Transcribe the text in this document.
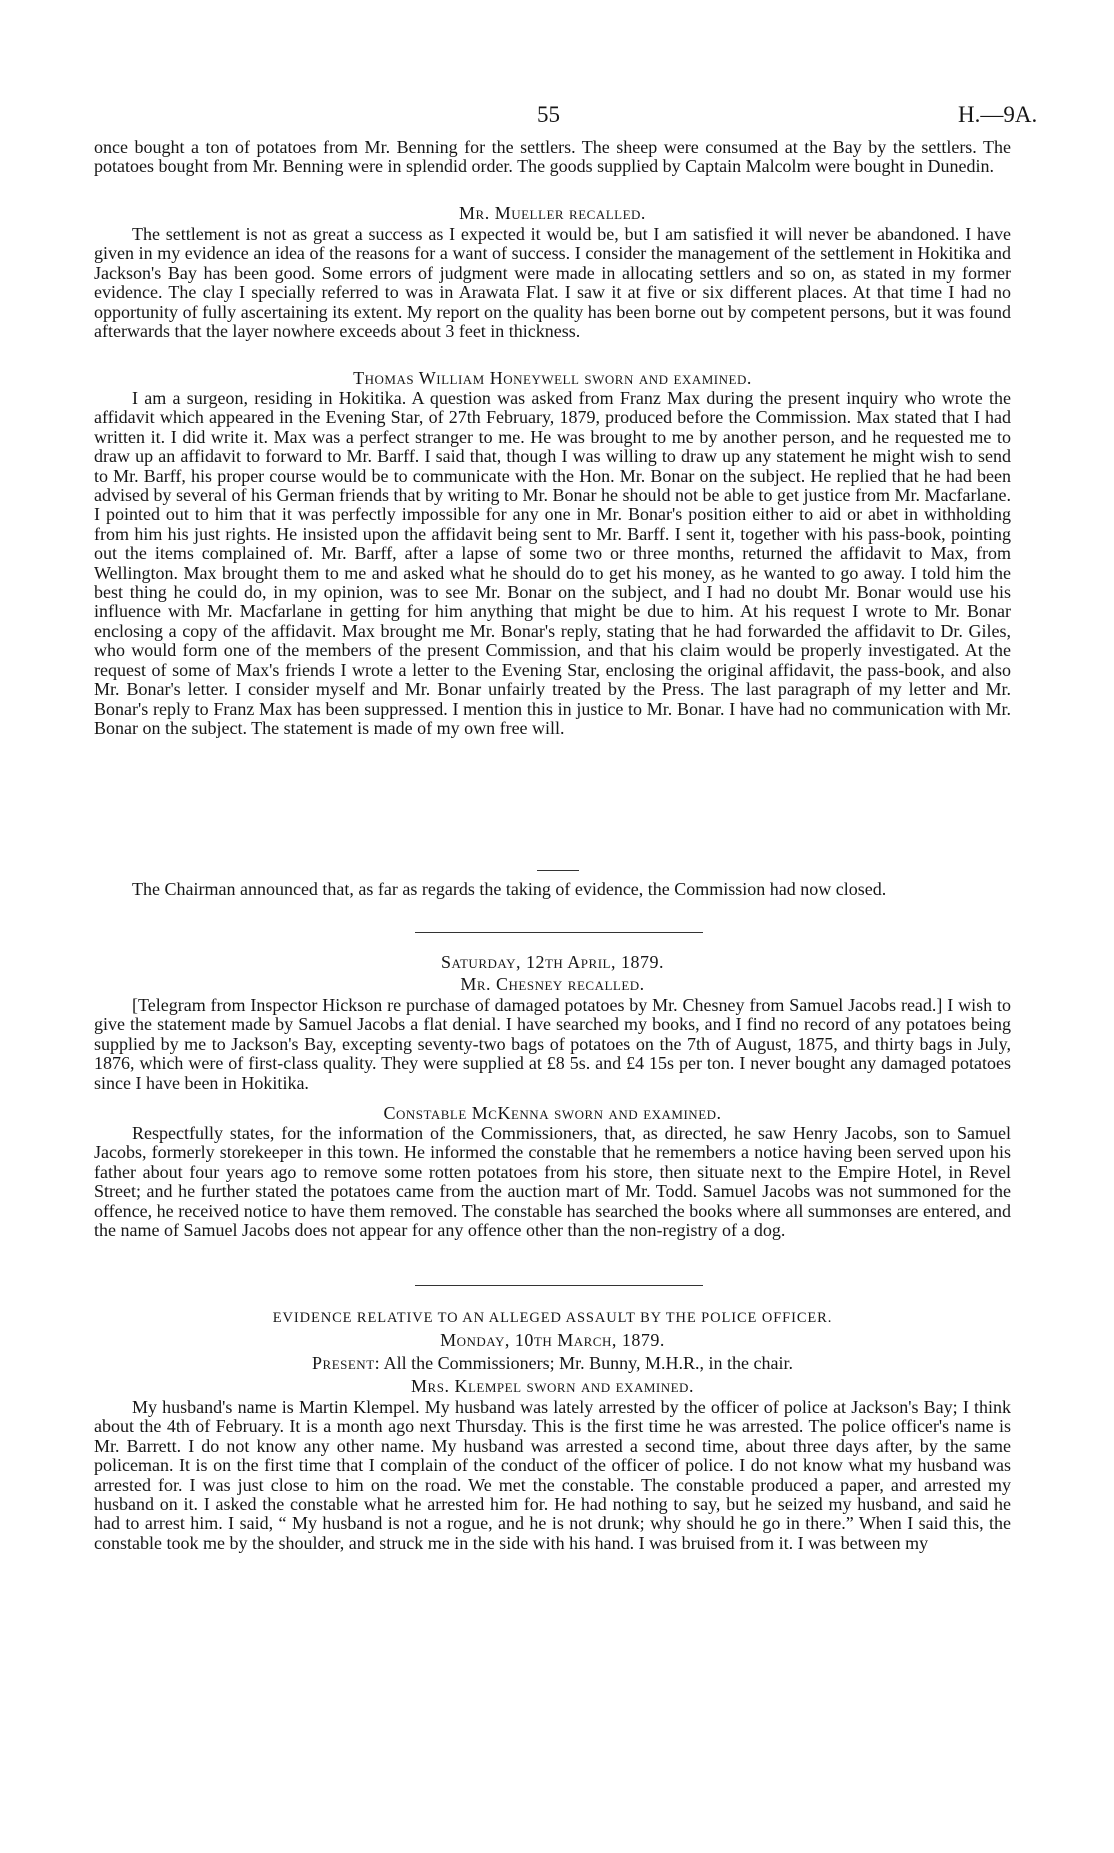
55	H.—9A.

once bought a ton of potatoes from Mr. Benning for the settlers. The sheep were consumed at the Bay by the settlers. The potatoes bought from Mr. Benning were in splendid order. The goods supplied by Captain Malcolm were bought in Dunedin.

Mr. Mueller recalled.

The settlement is not as great a success as I expected it would be, but I am satisfied it will never be abandoned. I have given in my evidence an idea of the reasons for a want of success. I consider the management of the settlement in Hokitika and Jackson's Bay has been good. Some errors of judgment were made in allocating settlers and so on, as stated in my former evidence. The clay I specially referred to was in Arawata Flat. I saw it at five or six different places. At that time I had no opportunity of fully ascertaining its extent. My report on the quality has been borne out by competent persons, but it was found afterwards that the layer nowhere exceeds about 3 feet in thickness.

Thomas William Honeywell sworn and examined.

I am a surgeon, residing in Hokitika. A question was asked from Franz Max during the present inquiry who wrote the affidavit which appeared in the Evening Star, of 27th February, 1879, produced before the Commission. Max stated that I had written it. I did write it. Max was a perfect stranger to me. He was brought to me by another person, and he requested me to draw up an affidavit to forward to Mr. Barff. I said that, though I was willing to draw up any statement he might wish to send to Mr. Barff, his proper course would be to communicate with the Hon. Mr. Bonar on the subject. He replied that he had been advised by several of his German friends that by writing to Mr. Bonar he should not be able to get justice from Mr. Macfarlane. I pointed out to him that it was perfectly impossible for any one in Mr. Bonar's position either to aid or abet in withholding from him his just rights. He insisted upon the affidavit being sent to Mr. Barff. I sent it, together with his pass-book, pointing out the items complained of. Mr. Barff, after a lapse of some two or three months, returned the affidavit to Max, from Wellington. Max brought them to me and asked what he should do to get his money, as he wanted to go away. I told him the best thing he could do, in my opinion, was to see Mr. Bonar on the subject, and I had no doubt Mr. Bonar would use his influence with Mr. Macfarlane in getting for him anything that might be due to him. At his request I wrote to Mr. Bonar enclosing a copy of the affidavit. Max brought me Mr. Bonar's reply, stating that he had forwarded the affidavit to Dr. Giles, who would form one of the members of the present Commission, and that his claim would be properly investigated. At the request of some of Max's friends I wrote a letter to the Evening Star, enclosing the original affidavit, the pass-book, and also Mr. Bonar's letter. I consider myself and Mr. Bonar unfairly treated by the Press. The last paragraph of my letter and Mr. Bonar's reply to Franz Max has been suppressed. I mention this in justice to Mr. Bonar. I have had no communication with Mr. Bonar on the subject. The statement is made of my own free will.

The Chairman announced that, as far as regards the taking of evidence, the Commission had now closed.

Saturday, 12th April, 1879.
Mr. Chesney recalled.

[Telegram from Inspector Hickson re purchase of damaged potatoes by Mr. Chesney from Samuel Jacobs read.] I wish to give the statement made by Samuel Jacobs a flat denial. I have searched my books, and I find no record of any potatoes being supplied by me to Jackson's Bay, excepting seventy-two bags of potatoes on the 7th of August, 1875, and thirty bags in July, 1876, which were of first-class quality. They were supplied at £8 5s. and £4 15s per ton. I never bought any damaged potatoes since I have been in Hokitika.

Constable McKenna sworn and examined.

Respectfully states, for the information of the Commissioners, that, as directed, he saw Henry Jacobs, son to Samuel Jacobs, formerly storekeeper in this town. He informed the constable that he remembers a notice having been served upon his father about four years ago to remove some rotten potatoes from his store, then situate next to the Empire Hotel, in Revel Street; and he further stated the potatoes came from the auction mart of Mr. Todd. Samuel Jacobs was not summoned for the offence, he received notice to have them removed. The constable has searched the books where all summonses are entered, and the name of Samuel Jacobs does not appear for any offence other than the non-registry of a dog.

EVIDENCE RELATIVE TO AN ALLEGED ASSAULT BY THE POLICE OFFICER.
Monday, 10th March, 1879.
Present: All the Commissioners; Mr. Bunny, M.H.R., in the chair.
Mrs. Klempel sworn and examined.

My husband's name is Martin Klempel. My husband was lately arrested by the officer of police at Jackson's Bay; I think about the 4th of February. It is a month ago next Thursday. This is the first time he was arrested. The police officer's name is Mr. Barrett. I do not know any other name. My husband was arrested a second time, about three days after, by the same policeman. It is on the first time that I complain of the conduct of the officer of police. I do not know what my husband was arrested for. I was just close to him on the road. We met the constable. The constable produced a paper, and arrested my husband on it. I asked the constable what he arrested him for. He had nothing to say, but he seized my husband, and said he had to arrest him. I said, “ My husband is not a rogue, and he is not drunk; why should he go in there.” When I said this, the constable took me by the shoulder, and struck me in the side with his hand. I was bruised from it. I was between my
